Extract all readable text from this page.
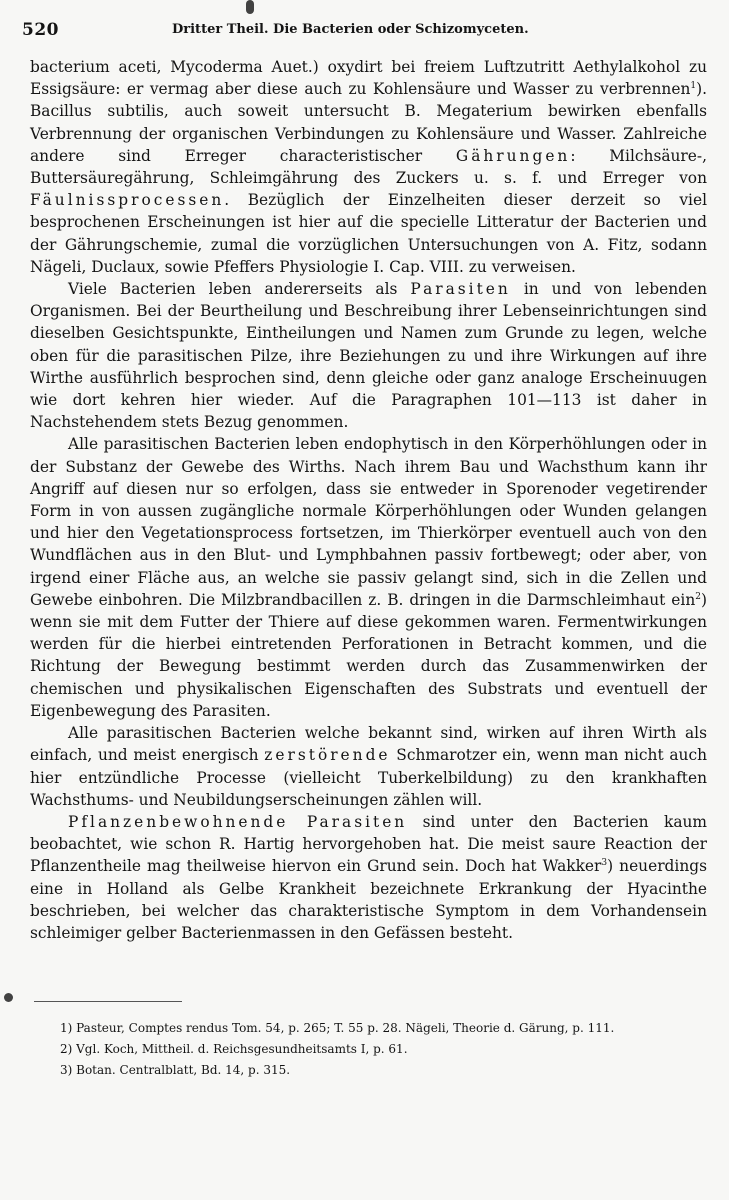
520	Dritter Theil. Die Bacterien oder Schizomyceten.

bacterium aceti, Mycoderma Auet.) oxydirt bei freiem Luftzutritt Aethylalkohol zu Essigsäure: er vermag aber diese auch zu Kohlensäure und Wasser zu verbrennen$^1$). Bacillus subtilis, auch soweit untersucht B. Megaterium bewirken ebenfalls Verbrennung der organischen Verbindungen zu Kohlensäure und Wasser. Zahlreiche andere sind Erreger characteristischer Gährungen: Milchsäure-, Buttersäuregährung, Schleimgährung des Zuckers u. s. f. und Erreger von Fäulnissprocessen. Bezüglich der Einzelheiten dieser derzeit so viel besprochenen Erscheinungen ist hier auf die specielle Litteratur der Bacterien und der Gährungschemie, zumal die vorzüglichen Untersuchungen von A. Fitz, sodann Nägeli, Duclaux, sowie Pfeffers Physiologie I. Cap. VIII. zu verweisen.

Viele Bacterien leben andererseits als Parasiten in und von lebenden Organismen. Bei der Beurtheilung und Beschreibung ihrer Lebenseinrichtungen sind dieselben Gesichtspunkte, Eintheilungen und Namen zum Grunde zu legen, welche oben für die parasitischen Pilze, ihre Beziehungen zu und ihre Wirkungen auf ihre Wirthe ausführlich besprochen sind, denn gleiche oder ganz analoge Erscheinuugen wie dort kehren hier wieder. Auf die Paragraphen 101—113 ist daher in Nachstehendem stets Bezug genommen.

Alle parasitischen Bacterien leben endophytisch in den Körperhöhlungen oder in der Substanz der Gewebe des Wirths. Nach ihrem Bau und Wachsthum kann ihr Angriff auf diesen nur so erfolgen, dass sie entweder in Sporenoder vegetirender Form in von aussen zugängliche normale Körperhöhlungen oder Wunden gelangen und hier den Vegetationsprocess fortsetzen, im Thierkörper eventuell auch von den Wundflächen aus in den Blut- und Lymphbahnen passiv fortbewegt; oder aber, von irgend einer Fläche aus, an welche sie passiv gelangt sind, sich in die Zellen und Gewebe einbohren. Die Milzbrandbacillen z. B. dringen in die Darmschleimhaut ein$^2$) wenn sie mit dem Futter der Thiere auf diese gekommen waren. Fermentwirkungen werden für die hierbei eintretenden Perforationen in Betracht kommen, und die Richtung der Bewegung bestimmt werden durch das Zusammenwirken der chemischen und physikalischen Eigenschaften des Substrats und eventuell der Eigenbewegung des Parasiten.

Alle parasitischen Bacterien welche bekannt sind, wirken auf ihren Wirth als einfach, und meist energisch zerstörende Schmarotzer ein, wenn man nicht auch hier entzündliche Processe (vielleicht Tuberkelbildung) zu den krankhaften Wachsthums- und Neubildungserscheinungen zählen will.

Pflanzenbewohnende Parasiten sind unter den Bacterien kaum beobachtet, wie schon R. Hartig hervorgehoben hat. Die meist saure Reaction der Pflanzentheile mag theilweise hiervon ein Grund sein. Doch hat Wakker$^3$) neuerdings eine in Holland als Gelbe Krankheit bezeichnete Erkrankung der Hyacinthe beschrieben, bei welcher das charakteristische Symptom in dem Vorhandensein schleimiger gelber Bacterienmassen in den Gefässen besteht.

1) Pasteur, Comptes rendus Tom. 54, p. 265; T. 55 p. 28. Nägeli, Theorie d. Gärung, p. 111.

2) Vgl. Koch, Mittheil. d. Reichsgesundheitsamts I, p. 61.

3) Botan. Centralblatt, Bd. 14, p. 315.
